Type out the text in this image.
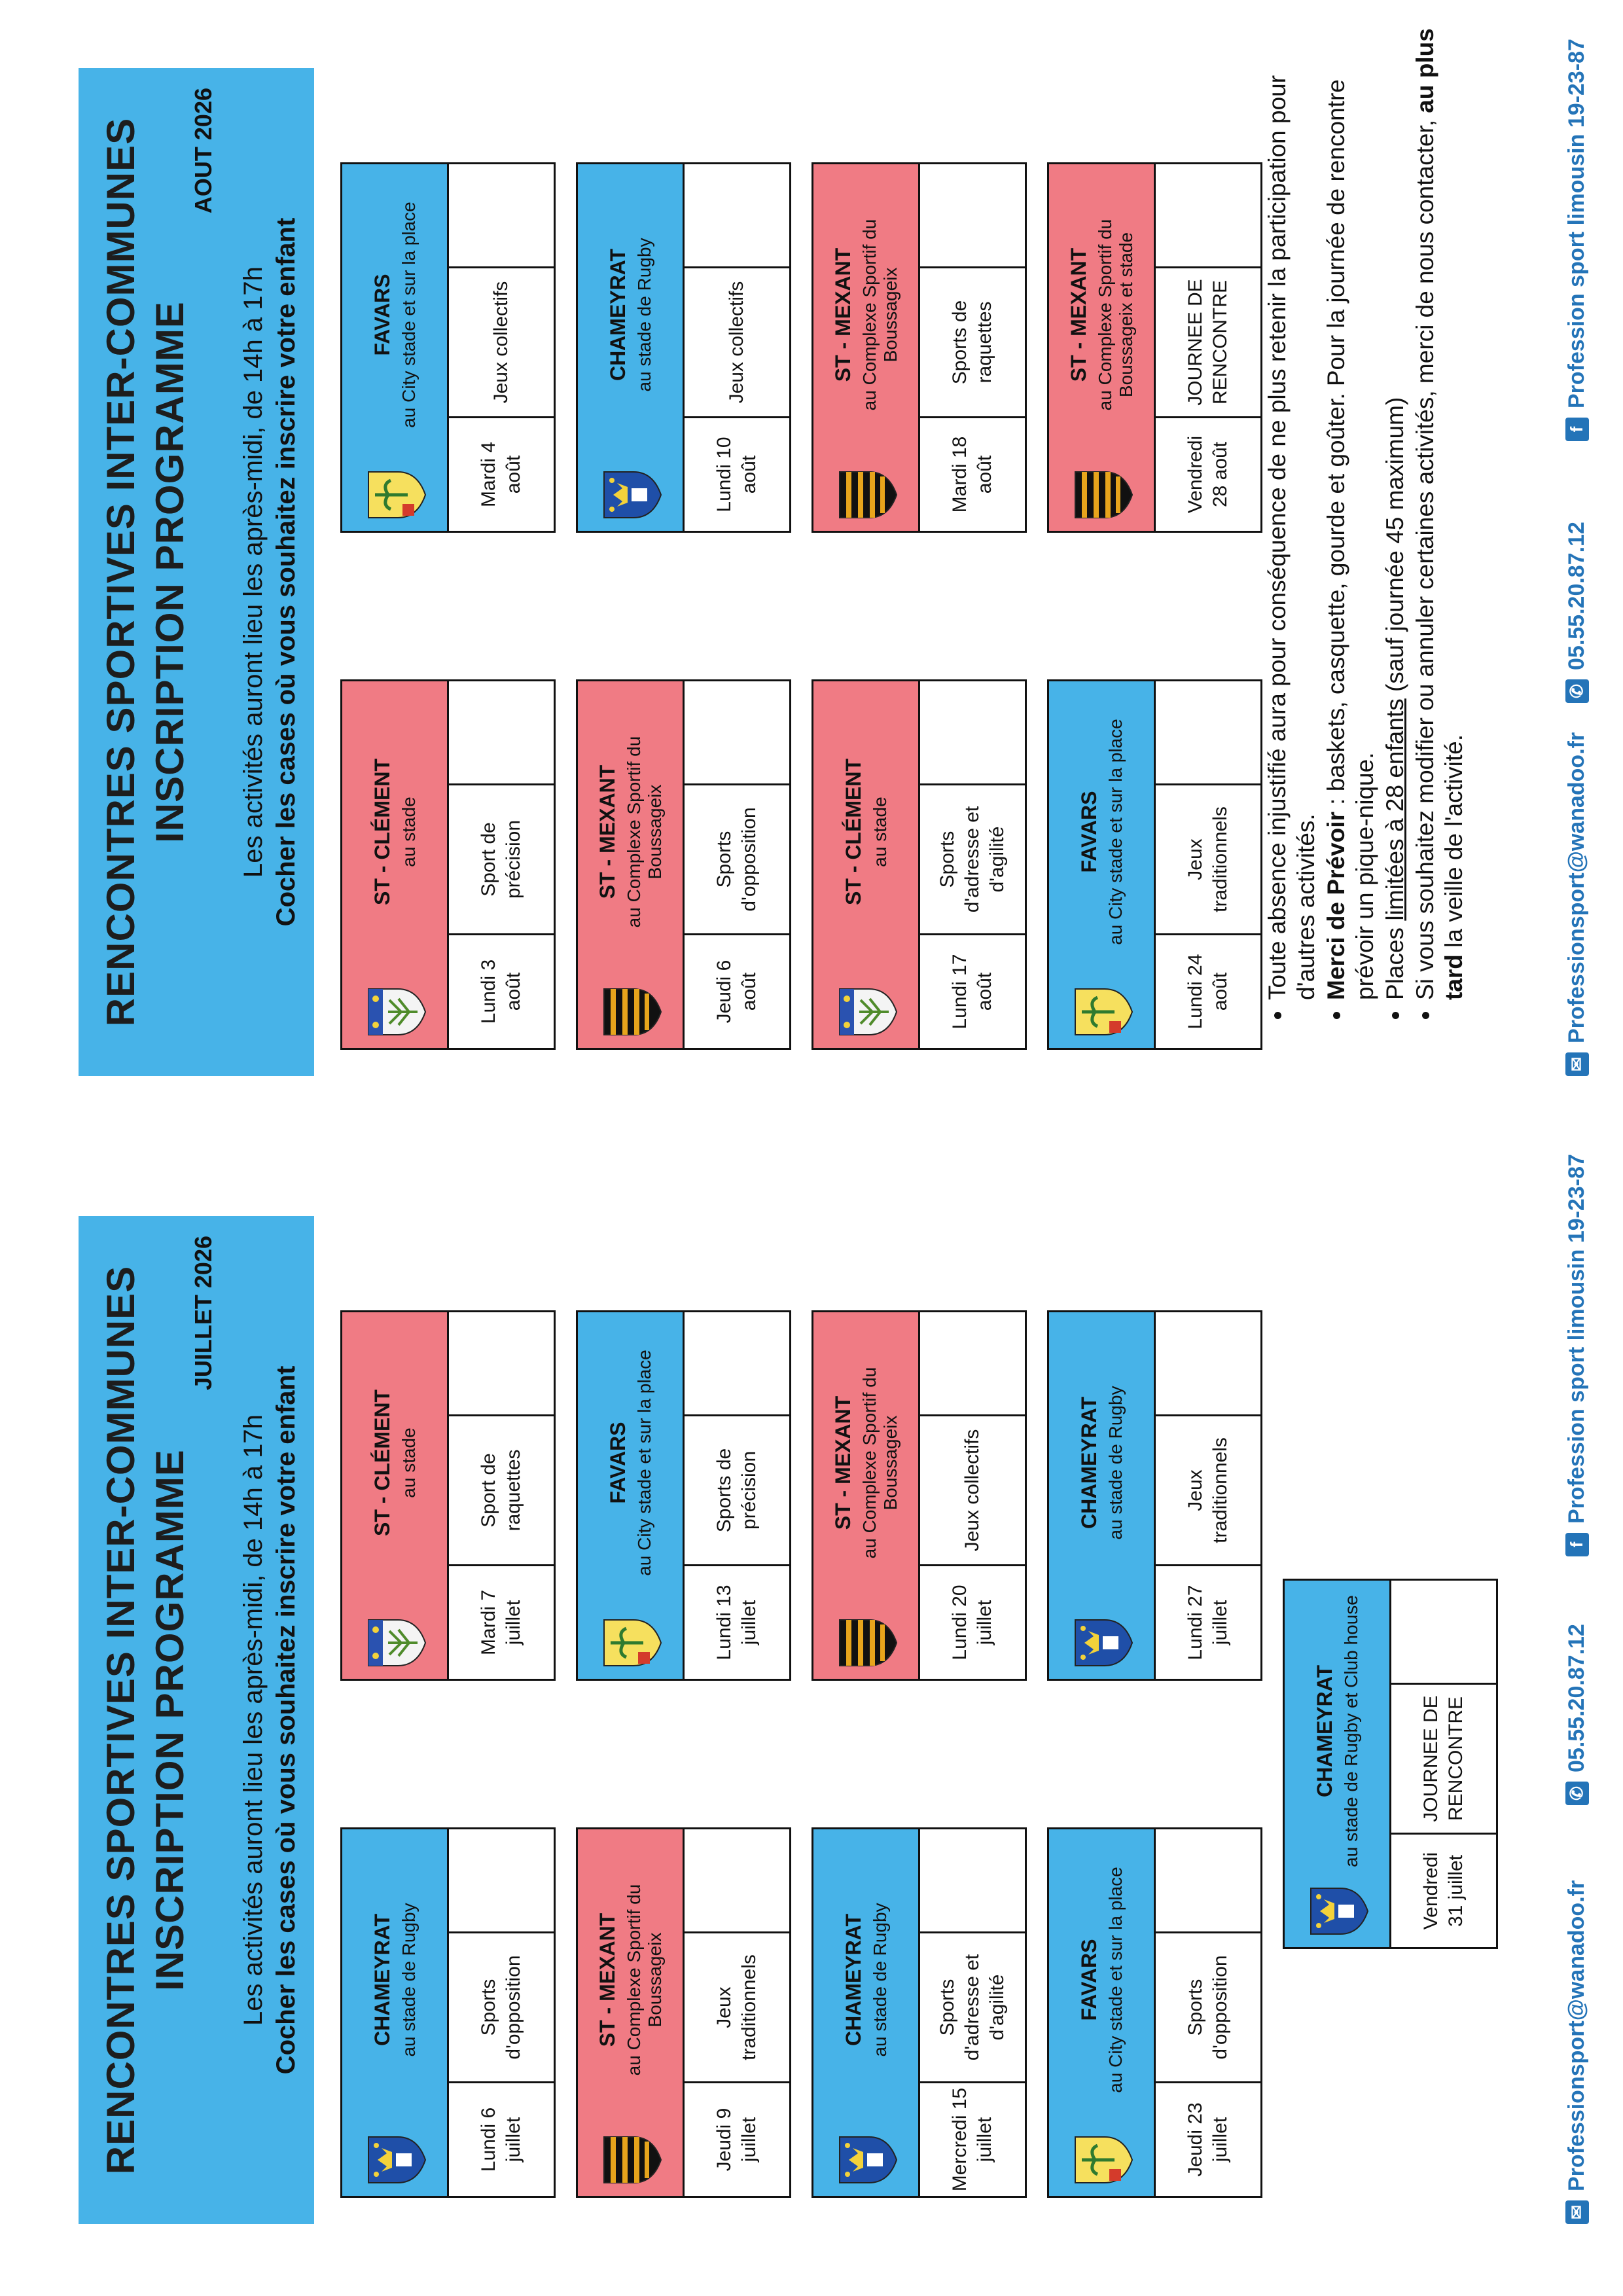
RENCONTRES SPORTIVES INTER-COMMUNES INSCRIPTION PROGRAMME
JUILLET 2026
Les activités auront lieu les après-midi, de 14h à 17h Cocher les cases où vous souhaitez inscrire votre enfant	CHAMEYRAT au stade de Rugby
Lundi 6 juillet
Sports d'opposition
ST - CLÉMENT au stade
Mardi 7 juillet
Sport de raquettes
ST - MEXANT au Complexe Sportif du Boussageix
Jeudi 9 juillet
Jeux traditionnels
FAVARS au City stade et sur la place
Lundi 13 juillet
Sports de précision
CHAMEYRAT au stade de Rugby
Mercredi 15 juillet
Sports d'adresse et d'agilité
ST - MEXANT au Complexe Sportif du Boussageix
Lundi 20 juillet
Jeux collectifs
FAVARS au City stade et sur la place
Jeudi 23 juillet
Sports d'opposition
CHAMEYRAT au stade de Rugby
Lundi 27 juillet
Jeux traditionnels
CHAMEYRAT au stade de Rugby et Club house
Vendredi 31 juillet
JOURNEE DE RENCONTRE
✉
Professionsport@wanadoo.fr
✆
05.55.20.87.12
f
Profession sport limousin 19-23-87
RENCONTRES SPORTIVES INTER-COMMUNES INSCRIPTION PROGRAMME
AOUT 2026
Les activités auront lieu les après-midi, de 14h à 17h Cocher les cases où vous souhaitez inscrire votre enfant	ST - CLÉMENT au stade
Lundi 3 août
Sport de précision
FAVARS au City stade et sur la place
Mardi 4 août
Jeux collectifs
ST - MEXANT au Complexe Sportif du Boussageix
Jeudi 6 août
Sports d'opposition
CHAMEYRAT au stade de Rugby
Lundi 10 août
Jeux collectifs
ST - CLÉMENT au stade
Lundi 17 août
Sports d'adresse et d'agilité
ST - MEXANT au Complexe Sportif du Boussageix
Mardi 18 août
Sports de raquettes
FAVARS au City stade et sur la place
Lundi 24 août
Jeux traditionnels
ST - MEXANT au Complexe Sportif du Boussageix et stade
Vendredi 28 août
JOURNEE DE RENCONTRE
✉
Professionsport@wanadoo.fr
✆
05.55.20.87.12
f
Profession sport limousin 19-23-87
• Toute absence injustifié aura pour conséquence de ne plus retenir la participation pour d'autres activités. • Merci de Prévoir : baskets, casquette, gourde et goûter. Pour la journée de rencontre prévoir un pique-nique. • Places limitées à 28 enfants (sauf journée 45 maximum) • Si vous souhaitez modifier ou annuler certaines activités, merci de nous contacter, au plus tard la veille de l'activité.
